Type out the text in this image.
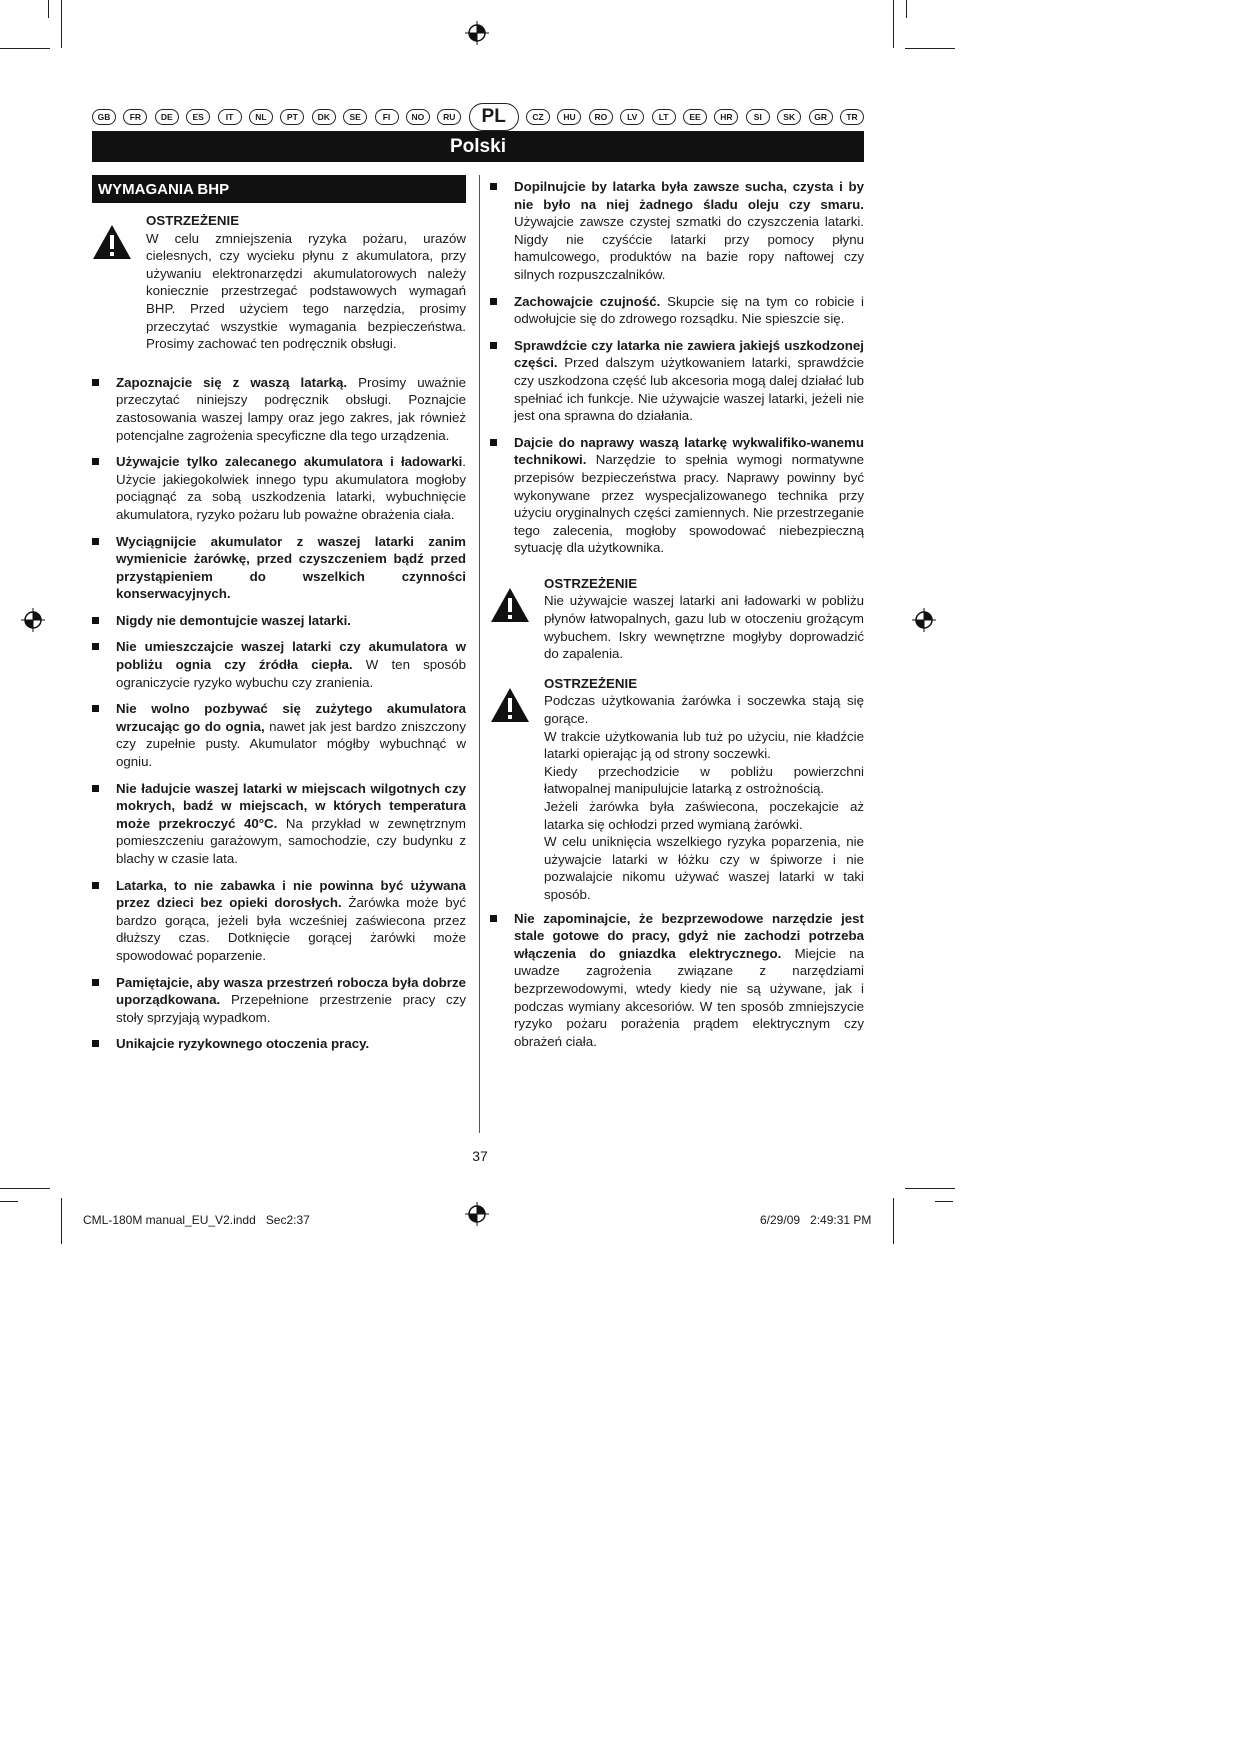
GB	FR	DE	ES	IT	NL	PT	DK	SE	FI	NO	RU	PL	CZ	HU	RO	LV	LT	EE	HR	SI	SK	GR	TR
Polski
WYMAGANIA BHP
OSTRZEŻENIE

W celu zmniejszenia ryzyka pożaru, urazów cielesnych, czy wycieku płynu z akumulatora, przy używaniu elektronarzędzi akumulatorowych należy koniecznie przestrzegać podstawowych wymagań BHP. Przed użyciem tego narzędzia, prosimy przeczytać wszystkie wymagania bezpieczeństwa. Prosimy zachować ten podręcznik obsługi.

Zapoznajcie się z waszą latarką. Prosimy uważnie przeczytać niniejszy podręcznik obsługi. Poznajcie zastosowania waszej lampy oraz jego zakres, jak również potencjalne zagrożenia specyficzne dla tego urządzenia.
Używajcie tylko zalecanego akumulatora i ładowarki. Użycie jakiegokolwiek innego typu akumulatora mogłoby pociągnąć za sobą uszkodzenia latarki, wybuchnięcie akumulatora, ryzyko pożaru lub poważne obrażenia ciała.
Wyciągnijcie akumulator z waszej latarki zanim wymienicie żarówkę, przed czyszczeniem bądź przed przystąpieniem do wszelkich czynności konserwacyjnych.
Nigdy nie demontujcie waszej latarki.
Nie umieszczajcie waszej latarki czy akumulatora w pobliżu ognia czy źródła ciepła. W ten sposób ograniczycie ryzyko wybuchu czy zranienia.
Nie wolno pozbywać się zużytego akumulatora wrzucając go do ognia, nawet jak jest bardzo zniszczony czy zupełnie pusty. Akumulator mógłby wybuchnąć w ogniu.
Nie ładujcie waszej latarki w miejscach wilgotnych czy mokrych, badź w miejscach, w których temperatura może przekroczyć 40°C. Na przykład w zewnętrznym pomieszczeniu garażowym, samochodzie, czy budynku z blachy w czasie lata.
Latarka, to nie zabawka i nie powinna być używana przez dzieci bez opieki dorosłych. Żarówka może być bardzo gorąca, jeżeli była wcześniej zaświecona przez dłuższy czas. Dotknięcie gorącej żarówki może spowodować poparzenie.
Pamiętajcie, aby wasza przestrzeń robocza była dobrze uporządkowana. Przepełnione przestrzenie pracy czy stoły sprzyjają wypadkom.
Unikajcie ryzykownego otoczenia pracy.
Dopilnujcie by latarka była zawsze sucha, czysta i by nie było na niej żadnego śladu oleju czy smaru. Używajcie zawsze czystej szmatki do czyszczenia latarki. Nigdy nie czyśćcie latarki przy pomocy płynu hamulcowego, produktów na bazie ropy naftowej czy silnych rozpuszczalników.
Zachowajcie czujność. Skupcie się na tym co robicie i odwołujcie się do zdrowego rozsądku. Nie spieszcie się.
Sprawdźcie czy latarka nie zawiera jakiejś uszkodzonej części. Przed dalszym użytkowaniem latarki, sprawdźcie czy uszkodzona część lub akcesoria mogą dalej działać lub spełniać ich funkcje. Nie używajcie waszej latarki, jeżeli nie jest ona sprawna do działania.
Dajcie do naprawy waszą latarkę wykwalifiko-wanemu technikowi. Narzędzie to spełnia wymogi normatywne przepisów bezpieczeństwa pracy. Naprawy powinny być wykonywane przez wyspecjalizowanego technika przy użyciu oryginalnych części zamiennych. Nie przestrzeganie tego zalecenia, mogłoby spowodować niebezpieczną sytuację dla użytkownika.
OSTRZEŻENIE

Nie używajcie waszej latarki ani ładowarki w pobliżu płynów łatwopalnych, gazu lub w otoczeniu grożącym wybuchem. Iskry wewnętrzne mogłyby doprowadzić do zapalenia.

OSTRZEŻENIE

Podczas użytkowania żarówka i soczewka stają się gorące.

W trakcie użytkowania lub tuż po użyciu, nie kładźcie latarki opierając ją od strony soczewki.

Kiedy przechodzicie w pobliżu powierzchni łatwopalnej manipulujcie latarką z ostrożnością.

Jeżeli żarówka była zaświecona, poczekajcie aż latarka się ochłodzi przed wymianą żarówki.

W celu uniknięcia wszelkiego ryzyka poparzenia, nie używajcie latarki w łóżku czy w śpiworze i nie pozwalajcie nikomu używać waszej latarki w taki sposób.

Nie zapominajcie, że bezprzewodowe narzędzie jest stale gotowe do pracy, gdyż nie zachodzi potrzeba włączenia do gniazdka elektrycznego. Miejcie na uwadze zagrożenia związane z narzędziami bezprzewodowymi, wtedy kiedy nie są używane, jak i podczas wymiany akcesoriów. W ten sposób zmniejszycie ryzyko pożaru porażenia prądem elektrycznym czy obrażeń ciała.
37
CML-180M manual_EU_V2.indd   Sec2:37	6/29/09   2:49:31 PM
